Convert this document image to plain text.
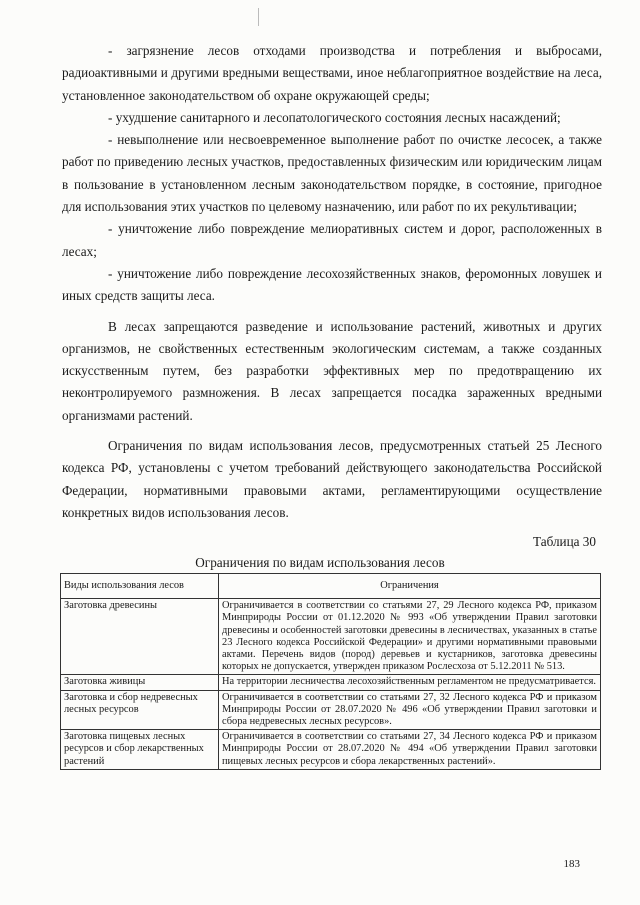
- загрязнение лесов отходами производства и потребления и выбросами, радиоактивными и другими вредными веществами, иное неблагоприятное воздействие на леса, установленное законодательством об охране окружающей среды;

- ухудшение санитарного и лесопатологического состояния лесных насаждений;

- невыполнение или несвоевременное выполнение работ по очистке лесосек, а также работ по приведению лесных участков, предоставленных физическим или юридическим лицам в пользование в установленном лесным законодательством порядке, в состояние, пригодное для использования этих участков по целевому назначению, или работ по их рекультивации;

- уничтожение либо повреждение мелиоративных систем и дорог, расположенных в лесах;

- уничтожение либо повреждение лесохозяйственных знаков, феромонных ловушек и иных средств защиты леса.

В лесах запрещаются разведение и использование растений, животных и других организмов, не свойственных естественным экологическим системам, а также созданных искусственным путем, без разработки эффективных мер по предотвращению их неконтролируемого размножения. В лесах запрещается посадка зараженных вредными организмами растений.

Ограничения по видам использования лесов, предусмотренных статьей 25 Лесного кодекса РФ, установлены с учетом требований действующего законодательства Российской Федерации, нормативными правовыми актами, регламентирующими осуществление конкретных видов использования лесов.

Таблица 30
Ограничения по видам использования лесов
Виды использования лесов	Ограничения
Заготовка древесины	Ограничивается в соответствии со статьями 27, 29 Лесного кодекса РФ, приказом Минприроды России от 01.12.2020 № 993 «Об утверждении Правил заготовки древесины и особенностей заготовки древесины в лесничествах, указанных в статье 23 Лесного кодекса Российской Федерации» и другими нормативными правовыми актами. Перечень видов (пород) деревьев и кустарников, заготовка древесины которых не допускается, утвержден приказом Рослесхоза от 5.12.2011 № 513.
Заготовка живицы	На территории лесничества лесохозяйственным регламентом не предусматривается.
Заготовка и сбор недревесных лесных ресурсов	Ограничивается в соответствии со статьями 27, 32 Лесного кодекса РФ и приказом Минприроды России от 28.07.2020 № 496 «Об утверждении Правил заготовки и сбора недревесных лесных ресурсов».
Заготовка пищевых лесных ресурсов и сбор лекарственных растений	Ограничивается в соответствии со статьями 27, 34 Лесного кодекса РФ и приказом Минприроды России от 28.07.2020 № 494 «Об утверждении Правил заготовки пищевых лесных ресурсов и сбора лекарственных растений».
183
